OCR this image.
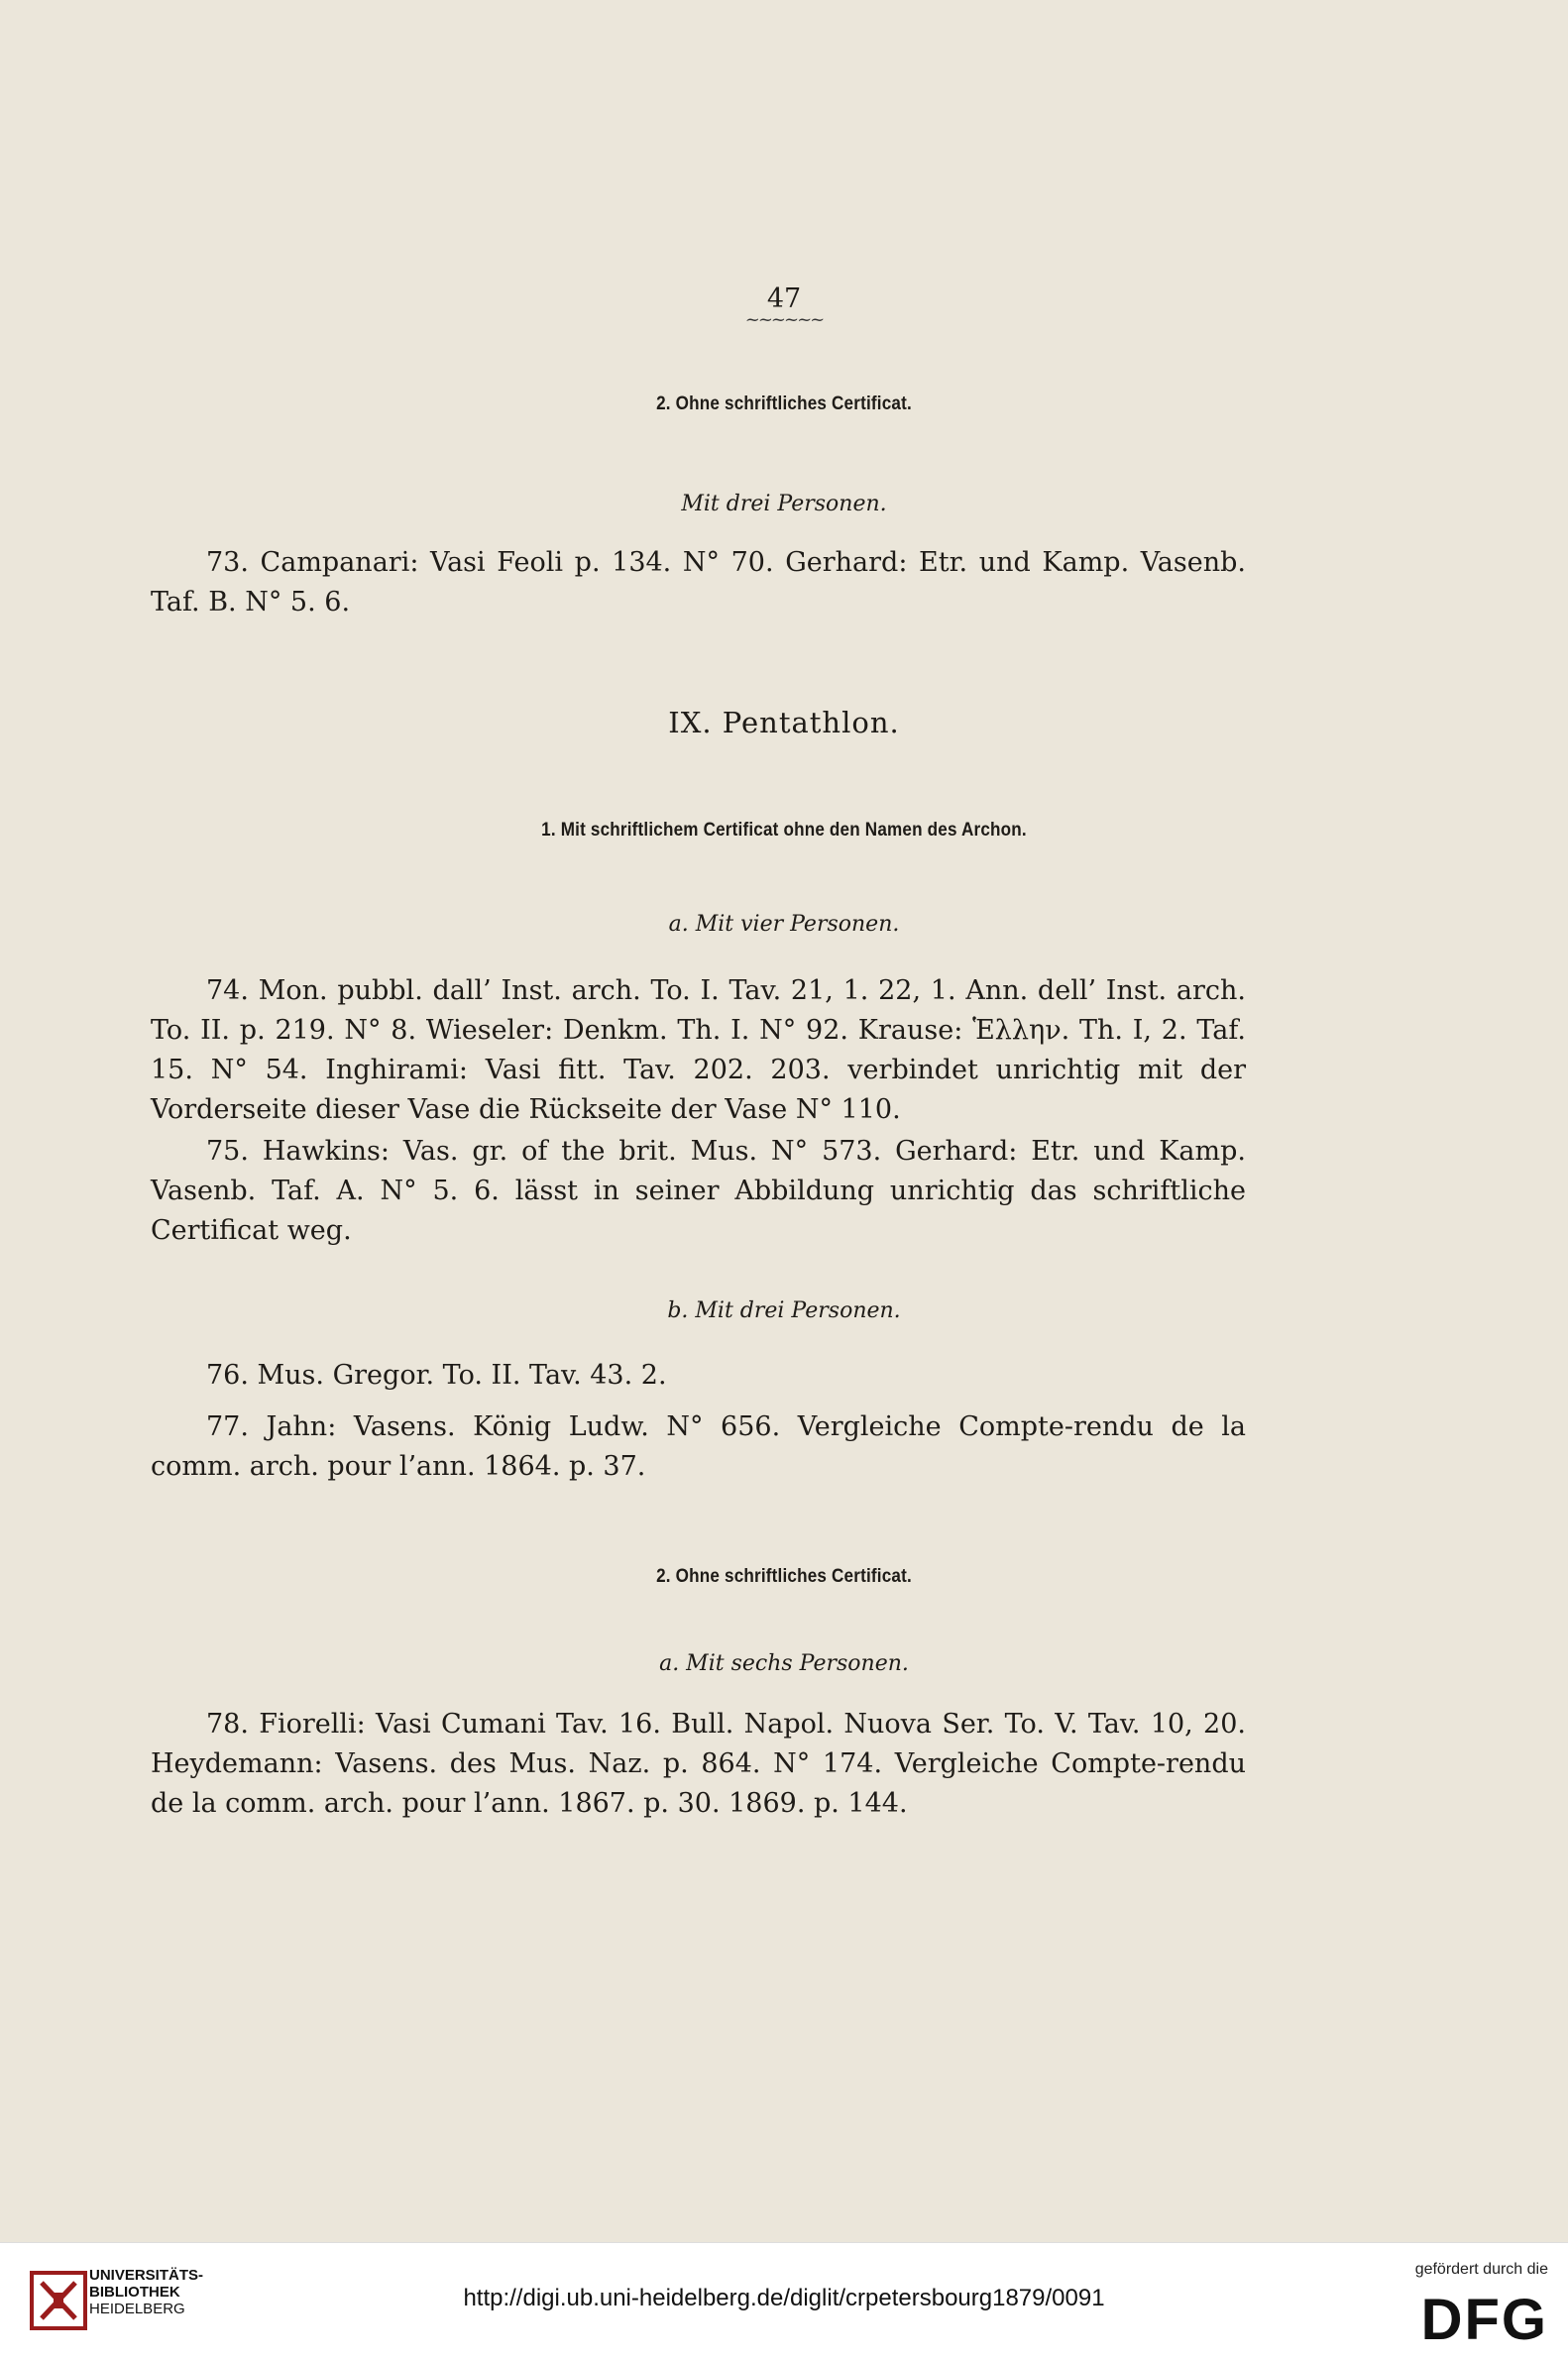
47
~~~~~~
2. Ohne schriftliches Certificat.
Mit drei Personen.

73. Campanari: Vasi Feoli p. 134. N° 70. Gerhard: Etr. und Kamp. Vasenb. Taf. B. N° 5. 6.

IX. Pentathlon.
1. Mit schriftlichem Certificat ohne den Namen des Archon.
a. Mit vier Personen.

74. Mon. pubbl. dall’ Inst. arch. To. I. Tav. 21, 1. 22, 1. Ann. dell’ Inst. arch. To. II. p. 219. N° 8. Wieseler: Denkm. Th. I. N° 92. Krause: Ἑλλην. Th. I, 2. Taf. 15. N° 54. Inghirami: Vasi fitt. Tav. 202. 203. verbindet unrichtig mit der Vorderseite dieser Vase die Rückseite der Vase N° 110.

75. Hawkins: Vas. gr. of the brit. Mus. N° 573. Gerhard: Etr. und Kamp. Vasenb. Taf. A. N° 5. 6. lässt in seiner Abbildung unrichtig das schriftliche Certificat weg.

b. Mit drei Personen.

76. Mus. Gregor. To. II. Tav. 43. 2.

77. Jahn: Vasens. König Ludw. N° 656. Vergleiche Compte-rendu de la comm. arch. pour l’ann. 1864. p. 37.

2. Ohne schriftliches Certificat.
a. Mit sechs Personen.

78. Fiorelli: Vasi Cumani Tav. 16. Bull. Napol. Nuova Ser. To. V. Tav. 10, 20. Heydemann: Vasens. des Mus. Naz. p. 864. N° 174. Vergleiche Compte-rendu de la comm. arch. pour l’ann. 1867. p. 30. 1869. p. 144.

UNIVERSITÄTS-
BIBLIOTHEK
HEIDELBERG	http://digi.ub.uni-heidelberg.de/diglit/crpetersbourg1879/0091
gefördert durch die
DFG
